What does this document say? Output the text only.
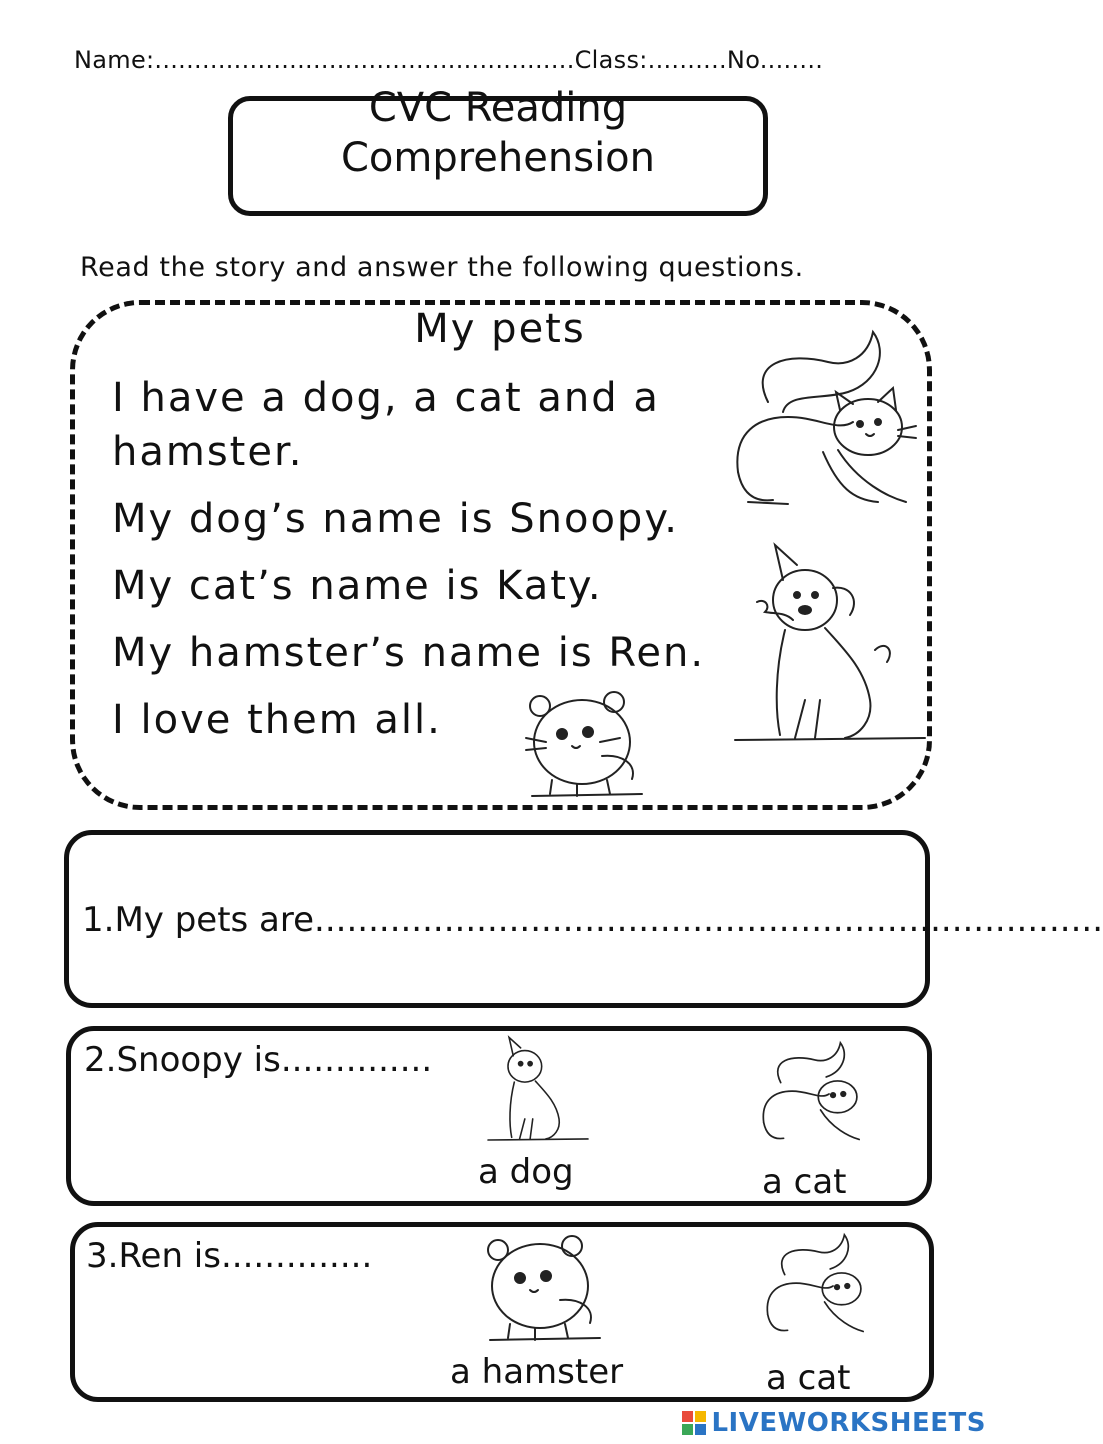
Name:.....................................................Class:..........No........
CVC Reading
Comprehension
Read the story and answer the following questions.
My pets
I have a dog, a cat and a
hamster.
My dog’s name is Snoopy.
My cat’s name is Katy.
My hamster’s name is Ren.
I love them all.
1.My pets are.........................................................................
2.Snoopy is..............
a dog	a cat
3.Ren is..............
a hamster	a cat
LIVEWORKSHEETS
